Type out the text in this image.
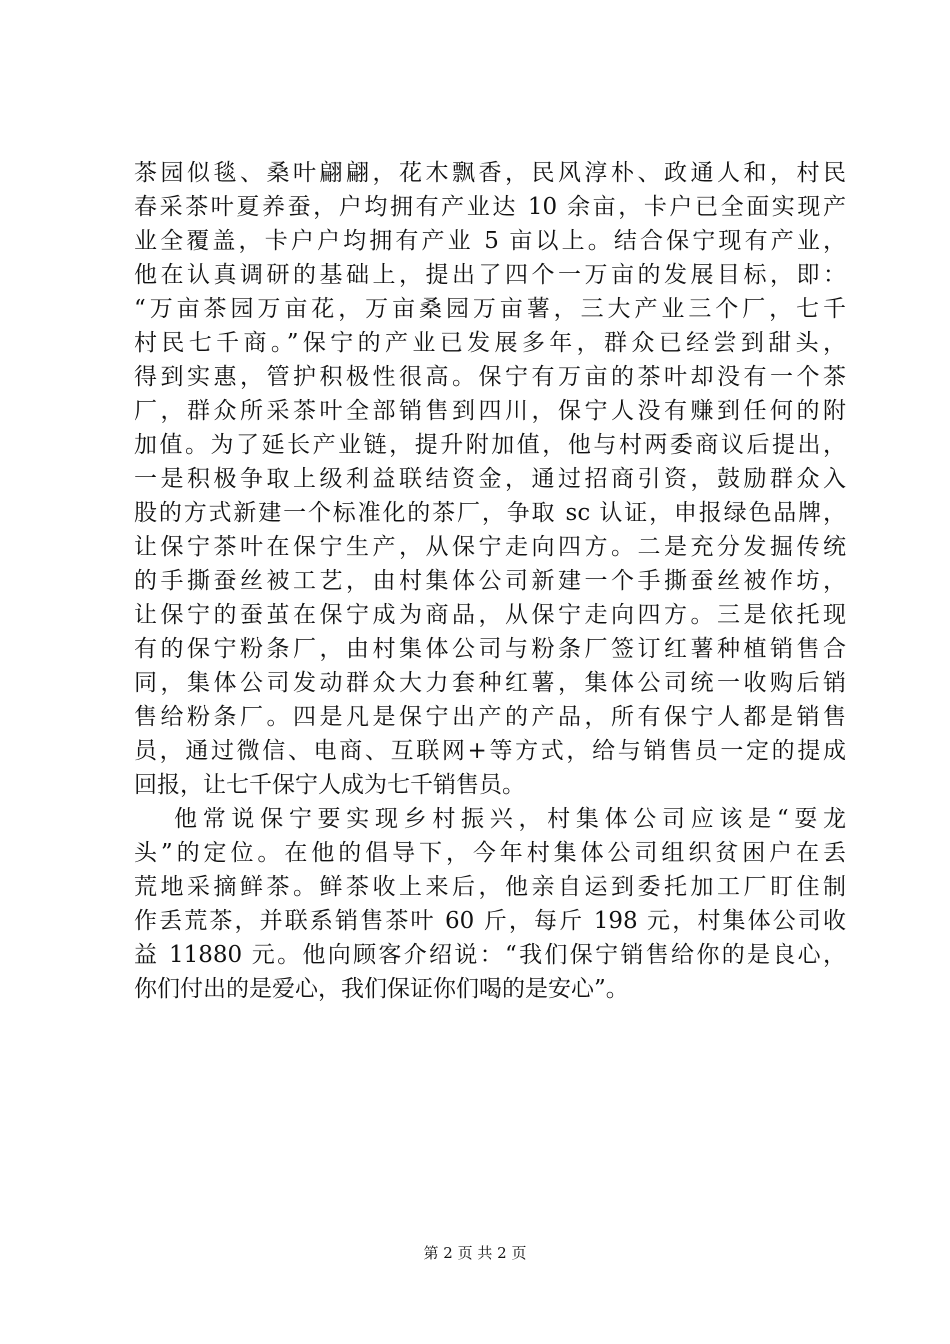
茶园似毯、桑叶翩翩，花木飘香，民风淳朴、政通人和，村民
春采茶叶夏养蚕，户均拥有产业达 10 余亩，卡户已全面实现产
业全覆盖，卡户户均拥有产业 5 亩以上。结合保宁现有产业，
他在认真调研的基础上，提出了四个一万亩的发展目标，即：
“万亩茶园万亩花，万亩桑园万亩薯，三大产业三个厂，七千
村民七千商。”保宁的产业已发展多年，群众已经尝到甜头，
得到实惠，管护积极性很高。保宁有万亩的茶叶却没有一个茶
厂，群众所采茶叶全部销售到四川，保宁人没有赚到任何的附
加值。为了延长产业链，提升附加值，他与村两委商议后提出，
一是积极争取上级利益联结资金，通过招商引资，鼓励群众入
股的方式新建一个标准化的茶厂，争取 sc 认证，申报绿色品牌，
让保宁茶叶在保宁生产，从保宁走向四方。二是充分发掘传统
的手撕蚕丝被工艺，由村集体公司新建一个手撕蚕丝被作坊，
让保宁的蚕茧在保宁成为商品，从保宁走向四方。三是依托现
有的保宁粉条厂，由村集体公司与粉条厂签订红薯种植销售合
同，集体公司发动群众大力套种红薯，集体公司统一收购后销
售给粉条厂。四是凡是保宁出产的产品，所有保宁人都是销售
员，通过微信、电商、互联网+等方式，给与销售员一定的提成
回报，让七千保宁人成为七千销售员。
他常说保宁要实现乡村振兴，村集体公司应该是“耍龙
头”的定位。在他的倡导下，今年村集体公司组织贫困户在丢
荒地采摘鲜茶。鲜茶收上来后，他亲自运到委托加工厂盯住制
作丢荒茶，并联系销售茶叶 60 斤，每斤 198 元，村集体公司收
益 11880 元。他向顾客介绍说：“我们保宁销售给你的是良心，
你们付出的是爱心，我们保证你们喝的是安心”。
第 2 页 共 2 页
